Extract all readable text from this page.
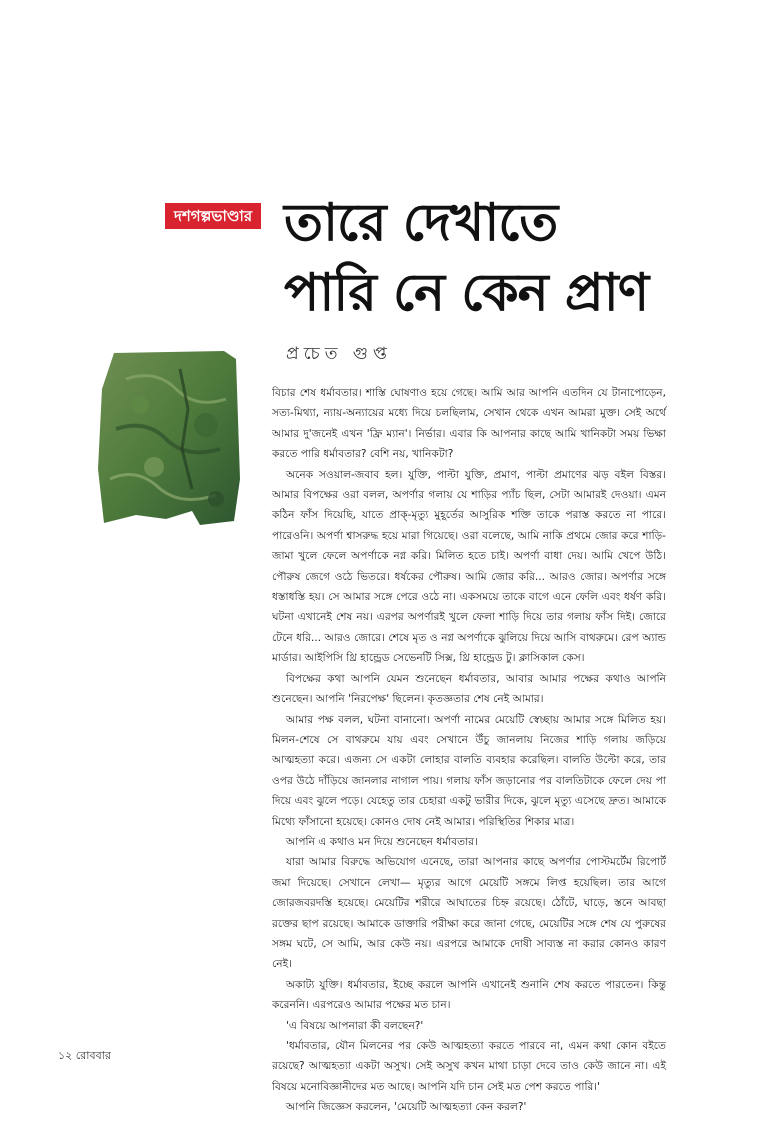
দশগল্পভাণ্ডার তারে দেখাতে
পারি নে কেন প্রাণ
প্রচেত গুপ্ত

বিচার শেষ ধর্মাবতার। শাস্তি ঘোষণাও হয়ে গেছে। আমি আর আপনি এতদিন যে টানাপোড়েন, সত্য-মিথ্যা, ন্যায়-অন্যায়ের মধ্যে দিয়ে চলছিলাম, সেখান থেকে এখন আমরা মুক্ত। সেই অর্থে আমার দু'জনেই এখন 'ফ্রি ম্যান'। নির্ভার। এবার কি আপনার কাছে আমি খানিকটা সময় ভিক্ষা করতে পারি ধর্মাবতার? বেশি নয়, খানিকটা?

অনেক সওয়াল-জবাব হল। যুক্তি, পাল্টা যুক্তি, প্রমাণ, পাল্টা প্রমাণের ঝড় বইল বিস্তর। আমার বিপক্ষের ওরা বলল, অপর্ণার গলায় যে শাড়ির প্যাঁচ ছিল, সেটা আমারই দেওয়া। এমন কঠিন ফাঁস দিয়েছি, যাতে প্রাক্‌-মৃত্যু মুহূর্তের আসুরিক শক্তি তাকে পরাস্ত করতে না পারে। পারেওনি। অপর্ণা শ্বাসরুদ্ধ হয়ে মারা গিয়েছে। ওরা বলেছে, আমি নাকি প্রথমে জোর করে শাড়ি-জামা খুলে ফেলে অপর্ণাকে নগ্ন করি। মিলিত হতে চাই। অপর্ণা বাধা দেয়। আমি খেপে উঠি। পৌরুষ জেগে ওঠে ভিতরে। ধর্ষকের পৌরুষ। আমি জোর করি... আরও জোর। অপর্ণার সঙ্গে ধস্তাধস্তি হয়। সে আমার সঙ্গে পেরে ওঠে না। একসময়ে তাকে বাগে এনে ফেলি এবং ধর্ষণ করি। ঘটনা এখানেই শেষ নয়। এরপর অপর্ণারই খুলে ফেলা শাড়ি দিয়ে তার গলায় ফাঁস দিই। জোরে টেনে ধরি... আরও জোরে। শেষে মৃত ও নগ্ন অপর্ণাকে ঝুলিয়ে দিয়ে আসি বাথরুমে। রেপ অ্যান্ড মার্ডার। আইপিসি থ্রি হান্ড্রেড সেভেনটি সিক্স, থ্রি হান্ড্রেড টু। ক্লাসিকাল কেস।

বিপক্ষের কথা আপনি যেমন শুনেছেন ধর্মাবতার, আবার আমার পক্ষের কথাও আপনি শুনেছেন। আপনি 'নিরপেক্ষ' ছিলেন। কৃতজ্ঞতার শেষ নেই আমার।

আমার পক্ষ বলল, ঘটনা বানানো। অপর্ণা নামের মেয়েটি স্বেচ্ছায় আমার সঙ্গে মিলিত হয়। মিলন-শেষে সে বাথরুমে যায় এবং সেখানে উঁচু জানলায় নিজের শাড়ি গলায় জড়িয়ে আত্মহত্যা করে। এজন্য সে একটা লোহার বালতি ব্যবহার করেছিল। বালতি উল্টো করে, তার ওপর উঠে দাঁড়িয়ে জানলার নাগাল পায়। গলায় ফাঁস জড়ানোর পর বালতিটাকে ফেলে দেয় পা দিয়ে এবং ঝুলে পড়ে। যেহেতু তার চেহারা একটু ভারীর দিকে, ঝুলে মৃত্যু এসেছে দ্রুত। আমাকে মিথ্যে ফাঁসানো হয়েছে। কোনও দোষ নেই আমার। পরিস্থিতির শিকার মাত্র।

আপনি এ কথাও মন দিয়ে শুনেছেন ধর্মাবতার।

যারা আমার বিরুদ্ধে অভিযোগ এনেছে, তারা আপনার কাছে অপর্ণার পোস্টমর্টেম রিপোর্ট জমা দিয়েছে। সেখানে লেখা— মৃত্যুর আগে মেয়েটি সঙ্গমে লিপ্ত হয়েছিল। তার আগে জোরজবরদস্তি হয়েছে। মেয়েটির শরীরে আঘাতের চিহ্ন রয়েছে। ঠোঁটে, ঘাড়ে, স্তনে আবছা রক্তের ছাপ রয়েছে। আমাকে ডাক্তারি পরীক্ষা করে জানা গেছে, মেয়েটির সঙ্গে শেষ যে পুরুষের সঙ্গম ঘটে, সে আমি, আর কেউ নয়। এরপরে আমাকে দোষী সাব্যস্ত না করার কোনও কারণ নেই।

অকাট্য যুক্তি। ধর্মাবতার, ইচ্ছে করলে আপনি এখানেই শুনানি শেষ করতে পারতেন। কিন্তু করেননি। এরপরেও আমার পক্ষের মত চান।

'এ বিষয়ে আপনারা কী বলছেন?'

'ধর্মাবতার, যৌন মিলনের পর কেউ আত্মহত্যা করতে পারবে না, এমন কথা কোন বইতে রয়েছে? আত্মহত্যা একটা অসুখ। সেই অসুখ কখন মাথা চাড়া দেবে তাও কেউ জানে না। এই বিষয়ে মনোবিজ্ঞানীদের মত আছে। আপনি যদি চান সেই মত পেশ করতে পারি।'

আপনি জিজ্ঞেস করলেন, 'মেয়েটি আত্মহত্যা কেন করল?'

১২ রোববার
